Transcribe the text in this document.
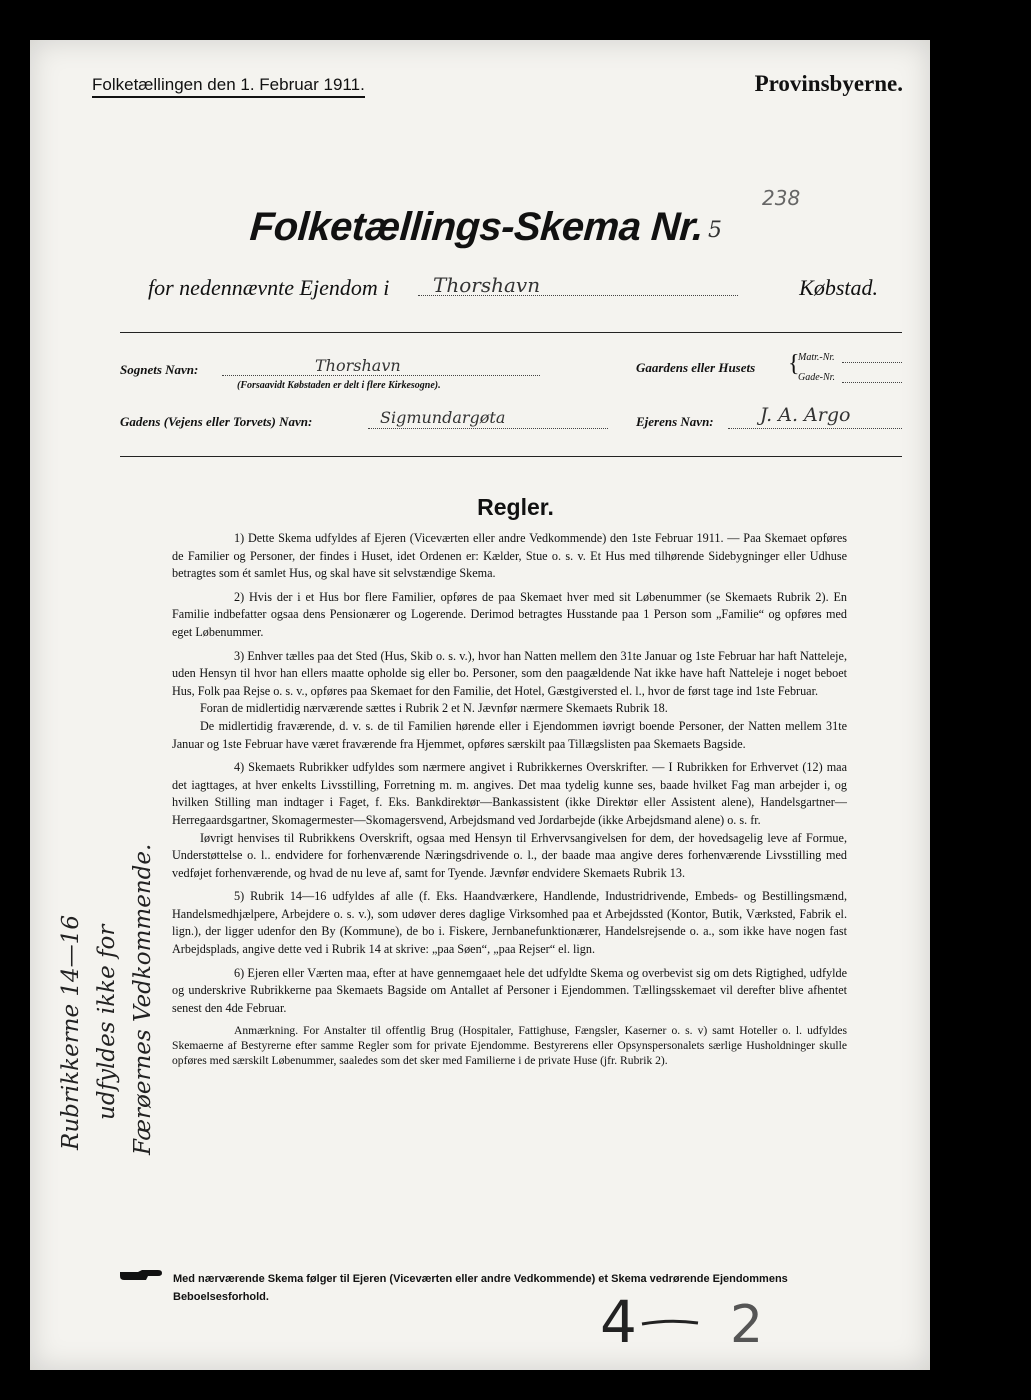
Folketællingen den 1. Februar 1911.	Provinsbyerne.
238
Folketællings-Skema Nr. 5
for nedennævnte Ejendom i Thorshavn	Købstad.
Sognets Navn:	Thorshavn
(Forsaavidt Købstaden er delt i flere Kirkesogne).
Gaardens eller Husets {
Matr.-Nr.
Gade-Nr.
Gadens (Vejens eller Torvets) Navn:	Sigmundargøta	Ejerens Navn: J. A. Argo
Regler.

1) Dette Skema udfyldes af Ejeren (Viceværten eller andre Vedkommende) den 1ste Februar 1911. — Paa Skemaet opføres de Familier og Personer, der findes i Huset, idet Ordenen er: Kælder, Stue o. s. v. Et Hus med tilhørende Sidebygninger eller Udhuse betragtes som ét samlet Hus, og skal have sit selvstændige Skema.

2) Hvis der i et Hus bor flere Familier, opføres de paa Skemaet hver med sit Løbenummer (se Skemaets Rubrik 2). En Familie indbefatter ogsaa dens Pensionærer og Logerende. Derimod betragtes Husstande paa 1 Person som „Familie“ og opføres med eget Løbenummer.

3) Enhver tælles paa det Sted (Hus, Skib o. s. v.), hvor han Natten mellem den 31te Januar og 1ste Februar har haft Natteleje, uden Hensyn til hvor han ellers maatte opholde sig eller bo. Personer, som den paagældende Nat ikke have haft Natteleje i noget beboet Hus, Folk paa Rejse o. s. v., opføres paa Skemaet for den Familie, det Hotel, Gæstgiversted el. l., hvor de først tage ind 1ste Februar.

Foran de midlertidig nærværende sættes i Rubrik 2 et N. Jævnfør nærmere Skemaets Rubrik 18.

De midlertidig fraværende, d. v. s. de til Familien hørende eller i Ejendommen iøvrigt boende Personer, der Natten mellem 31te Januar og 1ste Februar have været fraværende fra Hjemmet, opføres særskilt paa Tillægslisten paa Skemaets Bagside.

4) Skemaets Rubrikker udfyldes som nærmere angivet i Rubrikkernes Overskrifter. — I Rubrikken for Erhvervet (12) maa det iagttages, at hver enkelts Livsstilling, Forretning m. m. angives. Det maa tydelig kunne ses, baade hvilket Fag man arbejder i, og hvilken Stilling man indtager i Faget, f. Eks. Bankdirektør—Bankassistent (ikke Direktør eller Assistent alene), Handelsgartner—Herregaardsgartner, Skomagermester—Skomagersvend, Arbejdsmand ved Jordarbejde (ikke Arbejdsmand alene) o. s. fr.

Iøvrigt henvises til Rubrikkens Overskrift, ogsaa med Hensyn til Erhvervsangivelsen for dem, der hovedsagelig leve af Formue, Understøttelse o. l.. endvidere for forhenværende Næringsdrivende o. l., der baade maa angive deres forhenværende Livsstilling med vedføjet forhenværende, og hvad de nu leve af, samt for Tyende. Jævnfør endvidere Skemaets Rubrik 13.

5) Rubrik 14—16 udfyldes af alle (f. Eks. Haandværkere, Handlende, Industridrivende, Embeds- og Bestillingsmænd, Handelsmedhjælpere, Arbejdere o. s. v.), som udøver deres daglige Virksomhed paa et Arbejdssted (Kontor, Butik, Værksted, Fabrik el. lign.), der ligger udenfor den By (Kommune), de bo i. Fiskere, Jernbanefunktionærer, Handelsrejsende o. a., som ikke have nogen fast Arbejdsplads, angive dette ved i Rubrik 14 at skrive: „paa Søen“, „paa Rejser“ el. lign.

6) Ejeren eller Værten maa, efter at have gennemgaaet hele det udfyldte Skema og overbevist sig om dets Rigtighed, udfylde og underskrive Rubrikkerne paa Skemaets Bagside om Antallet af Personer i Ejendommen. Tællingsskemaet vil derefter blive afhentet senest den 4de Februar.

Anmærkning. For Anstalter til offentlig Brug (Hospitaler, Fattighuse, Fængsler, Kaserner o. s. v) samt Hoteller o. l. udfyldes Skemaerne af Bestyrerne efter samme Regler som for private Ejendomme. Bestyrerens eller Opsynspersonalets særlige Husholdninger skulle opføres med særskilt Løbenummer, saaledes som det sker med Familierne i de private Huse (jfr. Rubrik 2).

Rubrikkerne 14—16 udfyldes ikke for Færøernes Vedkommende.
Med nærværende Skema følger til Ejeren (Viceværten eller andre Vedkommende) et Skema vedrørende Ejendommens Beboelsesforhold.	4 2
